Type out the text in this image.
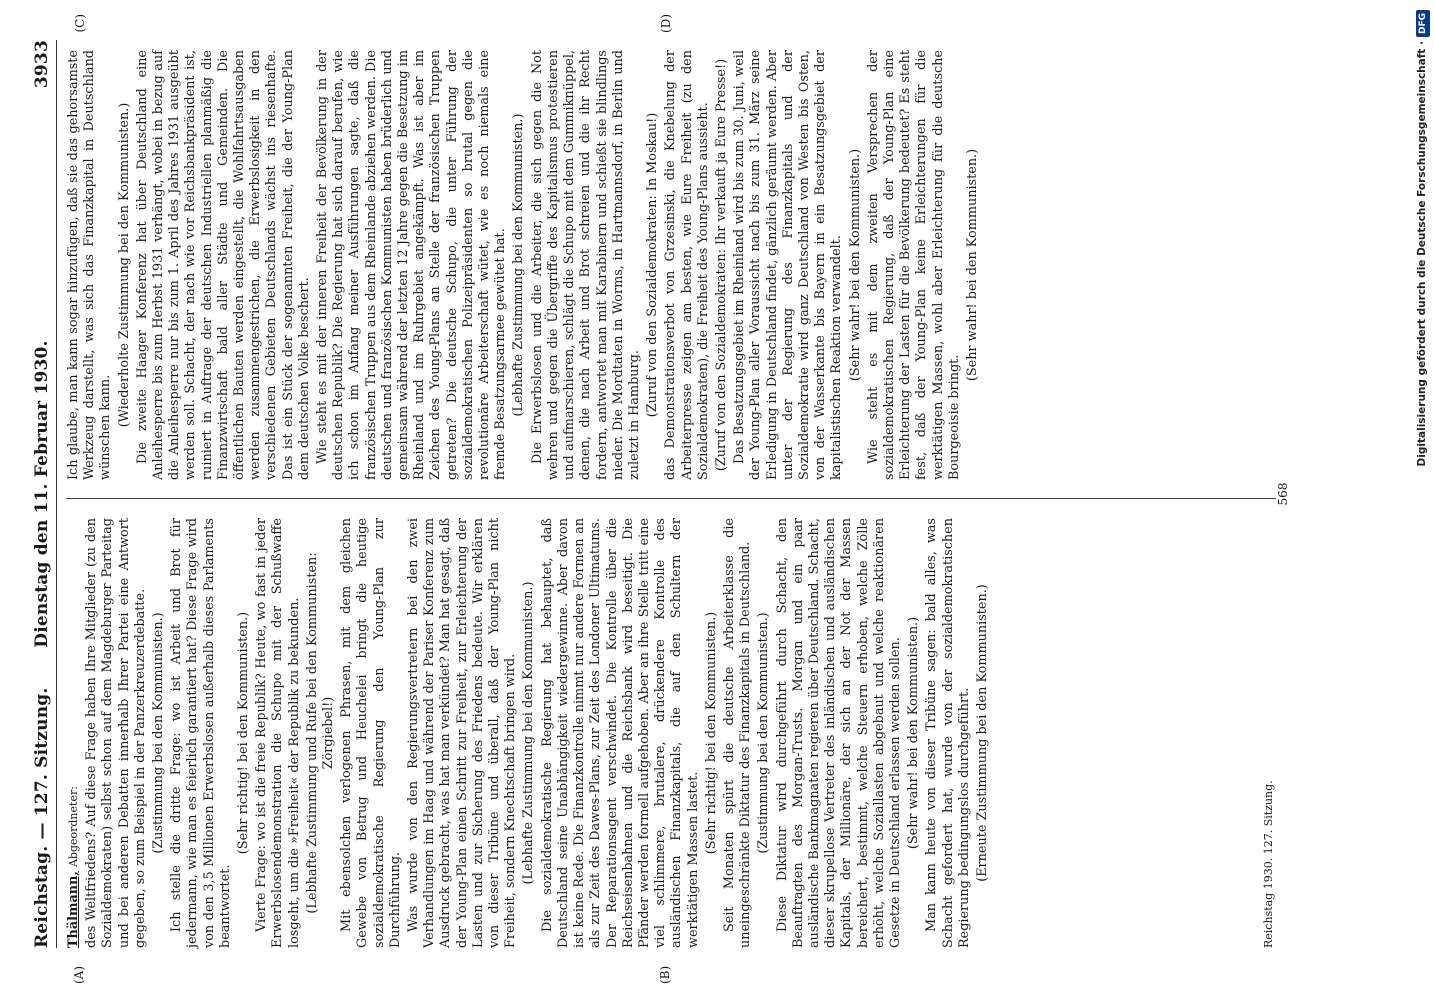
Reichstag. — 127. Sitzung.
Dienstag den 11. Februar 1930.
3933
(A)	(B)

Thälmann, Abgeordneter: des Weltfriedens? Auf diese Frage haben Ihre Mitglieder (zu den Sozialdemokraten) selbst schon auf dem Magdeburger Parteitag und bei anderen Debatten innerhalb Ihrer Partei eine Antwort gegeben, so zum Beispiel in der Panzerkreuzerdebatte. (Zustimmung bei den Kommunisten.) Ich stelle die dritte Frage: wo ist Arbeit und Brot für jedermann, wie man es feierlich garantiert hat? Diese Frage wird von den 3,5 Millionen Erwerbslosen außerhalb dieses Parlaments beantwortet.

(Sehr richtig! bei den Kommunisten.) Vierte Frage: wo ist die freie Republik? Heute, wo fast in jeder Erwerbslosendemonstration die Schupo mit der Schußwaffe losgeht, um die »Freiheit« der Republik zu bekunden. (Lebhafte Zustimmung und Rufe bei den Kommunisten: Zörgiebel!) Mit ebensolchen verlogenen Phrasen, mit dem gleichen Gewebe von Betrug und Heuchelei bringt die heutige sozialdemokratische Regierung den Young-Plan zur Durchführung. Was wurde von den Regierungsvertretern bei den zwei Verhandlungen im Haag und während der Pariser Konferenz zum Ausdruck gebracht, was hat man verkündet? Man hat gesagt, daß der Young-Plan einen Schritt zur Freiheit, zur Erleichterung der Lasten und zur Sicherung des Friedens bedeute. Wir erklären von dieser Tribüne und überall, daß der Young-Plan nicht Freiheit, sondern Knechtschaft bringen wird. (Lebhafte Zustimmung bei den Kommunisten.) Die sozialdemokratische Regierung hat behauptet, daß Deutschland seine Unabhängigkeit wiedergewinne. Aber davon ist keine Rede. Die Finanzkontrolle nimmt nur andere Formen an als zur Zeit des Dawes-Plans, zur Zeit des Londoner Ultimatums. Der Reparationsagent verschwindet. Die Kontrolle über die Reichseisenbahnen und die Reichsbank wird beseitigt. Die Pfänder werden formell aufgehoben. Aber an ihre Stelle tritt eine viel schlimmere, brutalere, drückendere Kontrolle des ausländischen Finanzkapitals, die auf den Schultern der werktätigen Massen lastet.

(Sehr richtig! bei den Kommunisten.) Seit Monaten spürt die deutsche Arbeiterklasse die uneingeschränkte Diktatur des Finanzkapitals in Deutschland. (Zustimmung bei den Kommunisten.) Diese Diktatur wird durchgeführt durch Schacht, den Beauftragten des Morgan-Trusts. Morgan und ein paar ausländische Bankmagnaten regieren über Deutschland. Schacht, dieser skrupellose Vertreter des inländischen und ausländischen Kapitals, der Millionäre, der sich an der Not der Massen bereichert, bestimmt, welche Steuern erhoben, welche Zölle erhöht, welche Soziallasten abgebaut und welche reaktionären Gesetze in Deutschland erlassen werden sollen. (Sehr wahr! bei den Kommunisten.) Man kann heute von dieser Tribüne sagen: bald alles, was Schacht gefordert hat, wurde von der sozialdemokratischen Regierung bedingungslos durchgeführt. (Erneute Zustimmung bei den Kommunisten.)

(C)	(D)

Ich glaube, man kann sogar hinzufügen, daß sie das gehorsamste Werkzeug darstellt, was sich das Finanzkapital in Deutschland wünschen kann.

(Wiederholte Zustimmung bei den Kommunisten.) Die zweite Haager Konferenz hat über Deutschland eine Anleihesperre bis zum Herbst 1931 verhängt, wobei in bezug auf die Anleihesperre nur bis zum 1. April des Jahres 1931 ausgeübt werden soll. Schacht, der nach wie vor Reichsbankpräsident ist, ruiniert in Auftrage der deutschen Industriellen planmäßig die Finanzwirtschaft bald aller Städte und Gemeinden. Die öffentlichen Bauten werden eingestellt, die Wohlfahrtsausgaben werden zusammengestrichen, die Erwerbslosigkeit in den verschiedenen Gebieten Deutschlands wächst ins riesenhafte. Das ist ein Stück der sogenannten Freiheit, die der Young-Plan dem deutschen Volke beschert. Wie steht es mit der inneren Freiheit der Bevölkerung in der deutschen Republik? Die Regierung hat sich darauf berufen, wie ich schon im Anfang meiner Ausführungen sagte, daß die französischen Truppen aus dem Rheinlande abziehen werden. Die deutschen und französischen Kommunisten haben brüderlich und gemeinsam während der letzten 12 Jahre gegen die Besetzung im Rheinland und im Ruhrgebiet angekämpft. Was ist aber im Zeichen des Young-Plans an Stelle der französischen Truppen getreten? Die deutsche Schupo, die unter Führung der sozialdemokratischen Polizeipräsidenten so brutal gegen die revolutionäre Arbeiterschaft wütet, wie es noch niemals eine fremde Besatzungsarmee gewütet hat. (Lebhafte Zustimmung bei den Kommunisten.) Die Erwerbslosen und die Arbeiter, die sich gegen die Not wehren und gegen die Übergriffe des Kapitalismus protestieren und aufmarschieren, schlägt die Schupo mit dem Gummiknüppel, denen, die nach Arbeit und Brot schreien und die ihr Recht fordern, antwortet man mit Karabinern und schießt sie blindlings nieder. Die Mordtaten in Worms, in Hartmannsdorf, in Berlin und zuletzt in Hamburg. (Zuruf von den Sozialdemokraten: In Moskau!) das Demonstrationsverbot von Grzesinski, die Knebelung der Arbeiterpresse zeigen am besten, wie Eure Freiheit (zu den Sozialdemokraten), die Freiheit des Young-Plans aussieht. (Zuruf von den Sozialdemokraten: Ihr verkauft ja Eure Presse!) Das Besatzungsgebiet im Rheinland wird bis zum 30. Juni, weil der Young-Plan aller Voraussicht nach bis zum 31. März seine Erledigung in Deutschland findet, gänzlich geräumt werden. Aber unter der Regierung des Finanzkapitals und der Sozialdemokratie wird ganz Deutschland von Westen bis Osten, von der Wasserkante bis Bayern in ein Besatzungsgebiet der kapitalistischen Reaktion verwandelt. (Sehr wahr! bei den Kommunisten.) Wie steht es mit dem zweiten Versprechen der sozialdemokratischen Regierung, daß der Young-Plan eine Erleichterung der Lasten für die Bevölkerung bedeutet? Es steht fest, daß der Young-Plan keine Erleichterungen für die werktätigen Massen, wohl aber Erleichterung für die deutsche Bourgeoisie bringt.

(Sehr wahr! bei den Kommunisten.)

Reichstag 1930. 127. Sitzung.
568
Digitalisierung gefördert durch die Deutsche Forschungsgemeinschaft ·DFG
